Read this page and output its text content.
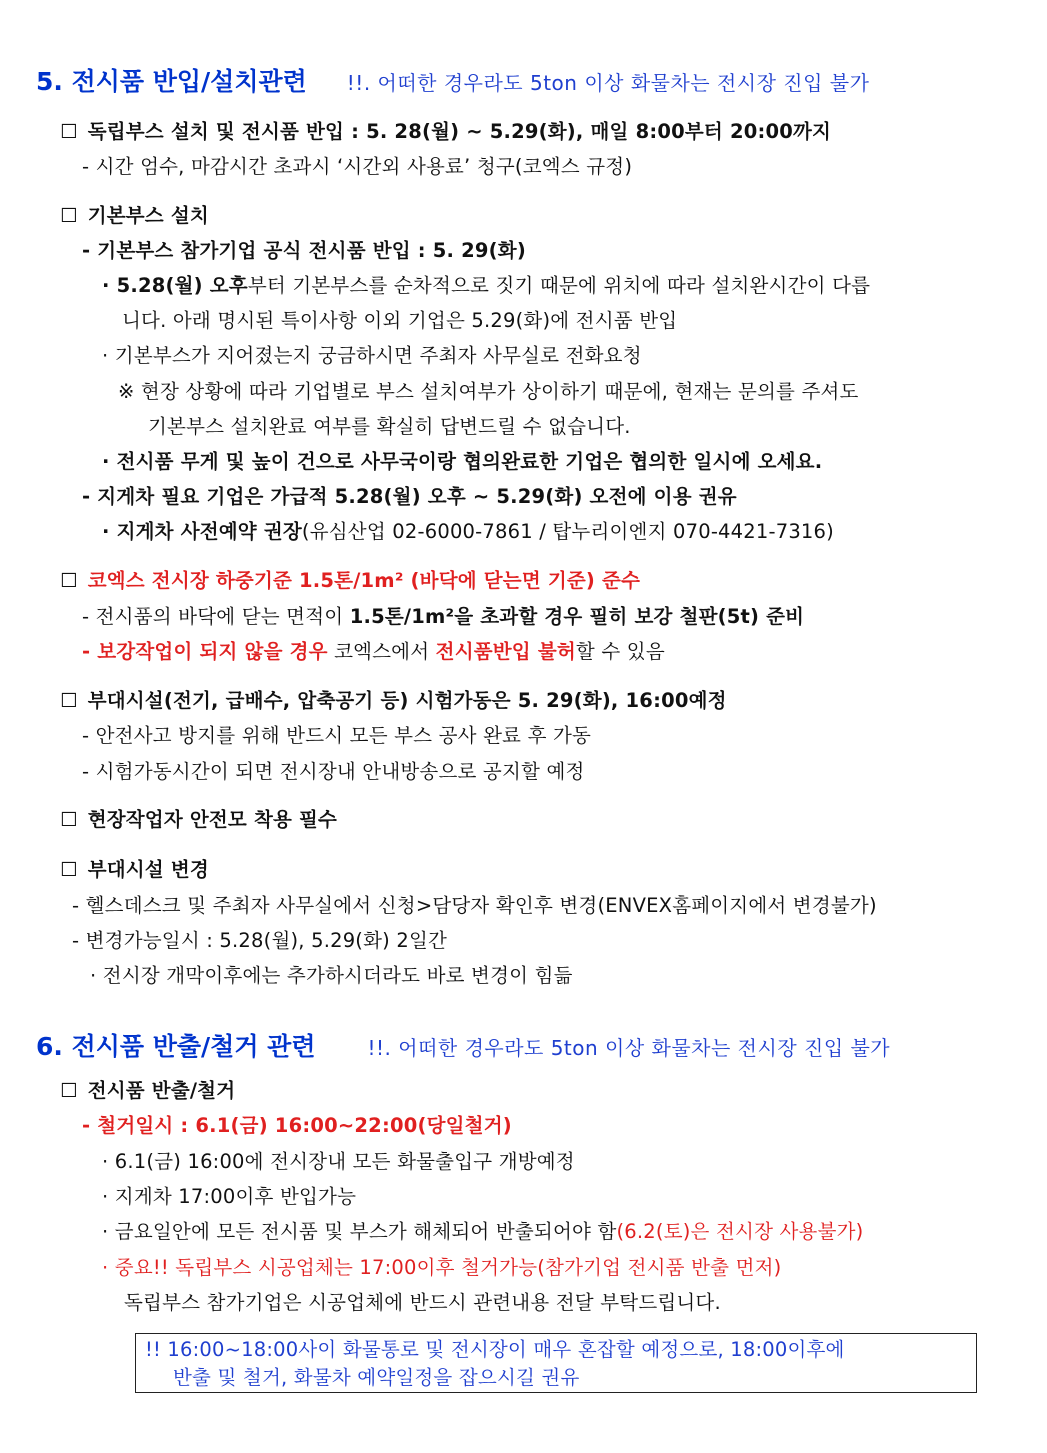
5. 전시품 반입/설치관련 !!. 어떠한 경우라도 5ton 이상 화물차는 전시장 진입 불가
☐ 독립부스 설치 및 전시품 반입 : 5. 28(월) ~ 5.29(화), 매일 8:00부터 20:00까지
- 시간 엄수, 마감시간 초과시 ‘시간외 사용료’ 청구(코엑스 규정)
☐ 기본부스 설치
- 기본부스 참가기업 공식 전시품 반입 : 5. 29(화)
· 5.28(월) 오후부터 기본부스를 순차적으로 짓기 때문에 위치에 따라 설치완시간이 다릅
니다. 아래 명시된 특이사항 이외 기업은 5.29(화)에 전시품 반입
· 기본부스가 지어졌는지 궁금하시면 주최자 사무실로 전화요청
※ 현장 상황에 따라 기업별로 부스 설치여부가 상이하기 때문에, 현재는 문의를 주셔도
기본부스 설치완료 여부를 확실히 답변드릴 수 없습니다.
· 전시품 무게 및 높이 건으로 사무국이랑 협의완료한 기업은 협의한 일시에 오세요.
- 지게차 필요 기업은 가급적 5.28(월) 오후 ~ 5.29(화) 오전에 이용 권유
· 지게차 사전예약 권장(유심산업 02-6000-7861 / 탑누리이엔지 070-4421-7316)
☐ 코엑스 전시장 하중기준 1.5톤/1m² (바닥에 닫는면 기준) 준수
- 전시품의 바닥에 닫는 면적이 1.5톤/1m²을 초과할 경우 필히 보강 철판(5t) 준비
- 보강작업이 되지 않을 경우 코엑스에서 전시품반입 불허할 수 있음
☐ 부대시설(전기, 급배수, 압축공기 등) 시험가동은 5. 29(화), 16:00예정
- 안전사고 방지를 위해 반드시 모든 부스 공사 완료 후 가동
- 시험가동시간이 되면 전시장내 안내방송으로 공지할 예정
☐ 현장작업자 안전모 착용 필수
☐ 부대시설 변경
- 헬스데스크 및 주최자 사무실에서 신청>담당자 확인후 변경(ENVEX홈페이지에서 변경불가)
- 변경가능일시 : 5.28(월), 5.29(화) 2일간
· 전시장 개막이후에는 추가하시더라도 바로 변경이 힘듦
6. 전시품 반출/철거 관련	!!. 어떠한 경우라도 5ton 이상 화물차는 전시장 진입 불가
☐ 전시품 반출/철거
- 철거일시 : 6.1(금) 16:00~22:00(당일철거)
· 6.1(금) 16:00에 전시장내 모든 화물출입구 개방예정
· 지게차 17:00이후 반입가능
· 금요일안에 모든 전시품 및 부스가 해체되어 반출되어야 함(6.2(토)은 전시장 사용불가)
· 중요!! 독립부스 시공업체는 17:00이후 철거가능(참가기업 전시품 반출 먼저)
독립부스 참가기업은 시공업체에 반드시 관련내용 전달 부탁드립니다.
!! 16:00~18:00사이 화물통로 및 전시장이 매우 혼잡할 예정으로, 18:00이후에
반출 및 철거, 화물차 예약일정을 잡으시길 권유
